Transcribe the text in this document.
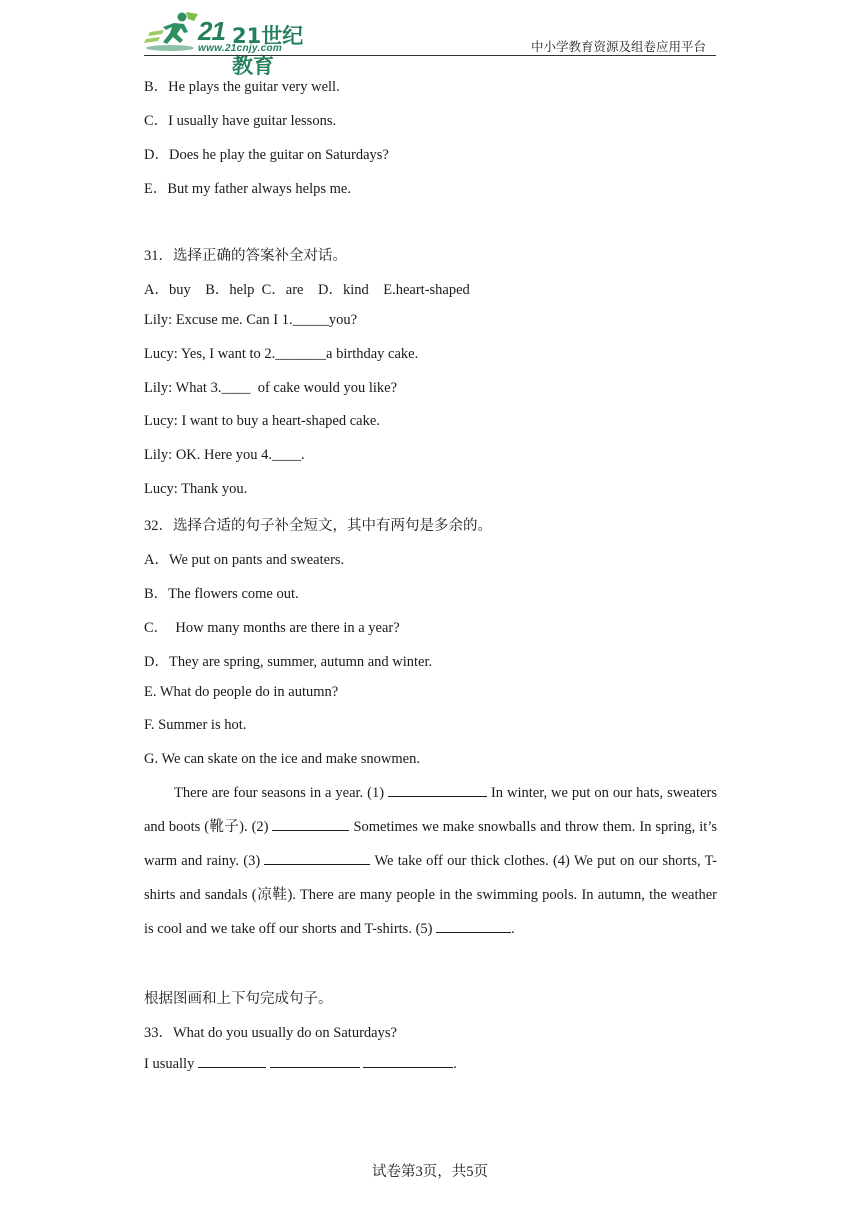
21 21世纪教育
www.21cnjy.com	中小学教育资源及组卷应用平台
B．He plays the guitar very well.
C．I usually have guitar lessons.
D．Does he play the guitar on Saturdays?
E．But my father always helps me.
31．选择正确的答案补全对话。
A．buy    B．help  C．are    D．kind    E.heart-shaped
Lily: Excuse me. Can I 1._____you?
Lucy: Yes, I want to 2._______a birthday cake.
Lily: What 3.____  of cake would you like?
Lucy: I want to buy a heart-shaped cake.
Lily: OK. Here you 4.____.
Lucy: Thank you.
32．选择合适的句子补全短文，其中有两句是多余的。
A．We put on pants and sweaters.
B．The flowers come out.
C．  How many months are there in a year?
D．They are spring, summer, autumn and winter.
E. What do people do in autumn?
F. Summer is hot.
G. We can skate on the ice and make snowmen.
There are four seasons in a year. (1)	In winter, we put on our hats, sweaters and boots (靴子). (2)	Sometimes we make snowballs and throw them. In spring, it’s warm and rainy. (3)	We take off our thick clothes. (4) We put on our shorts, T-shirts and sandals (凉鞋). There are many people in the swimming pools. In autumn, the weather is cool and we take off our shorts and T-shirts. (5)	.
根据图画和上下句完成句子。
33．What do you usually do on Saturdays?
I usually	.
试卷第3页，共5页
